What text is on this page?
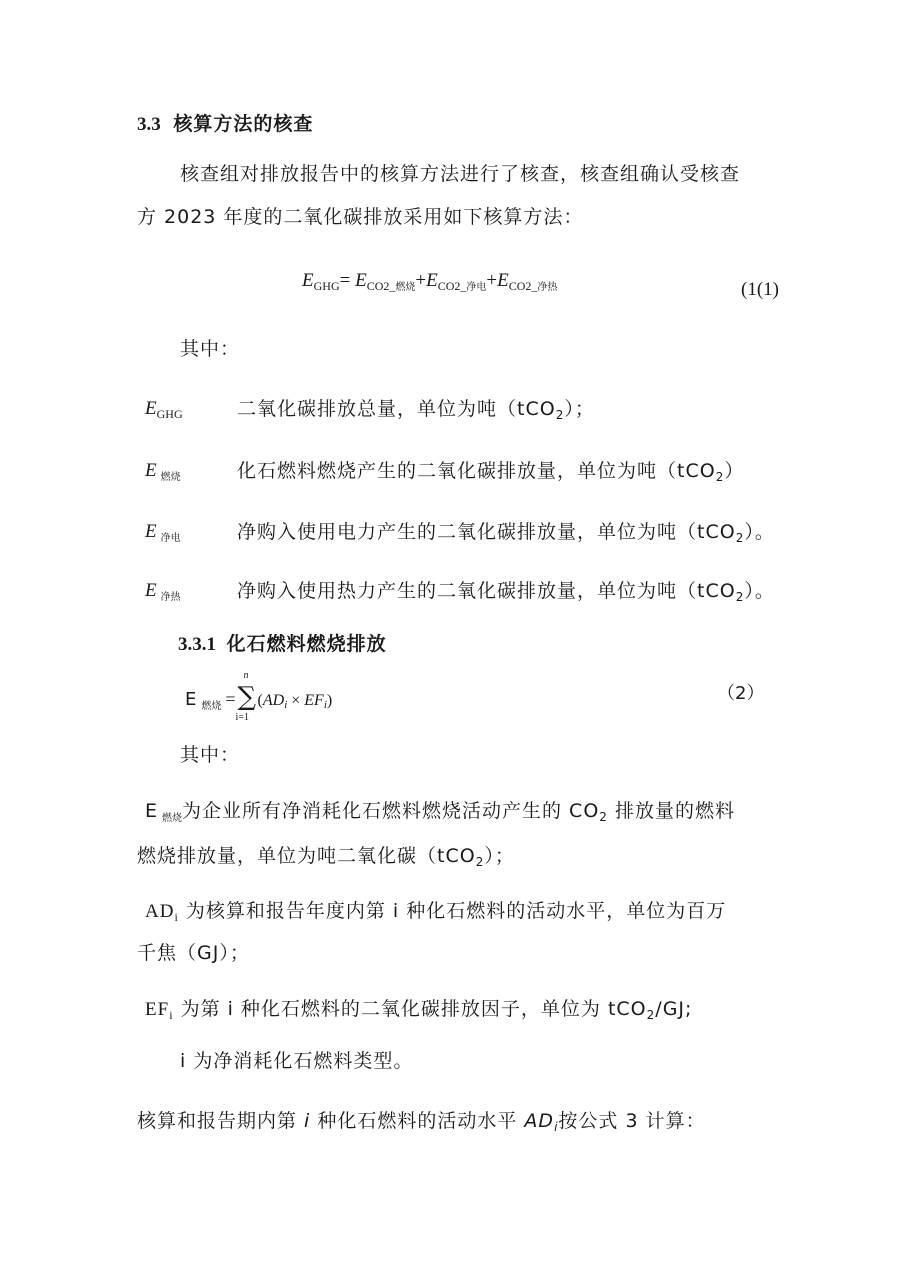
3.3 核算方法的核查
核查组对排放报告中的核算方法进行了核查，核查组确认受核查
方 2023 年度的二氧化碳排放采用如下核算方法：
$E_{GHG}= E_{CO2\_燃烧}+E_{CO2\_净电}+E_{CO2\_净热}$	(1(1)
其中：
$E_{GHG}$	二氧化碳排放总量，单位为吨（tCO$_2$）；
E $_{燃烧}$	化石燃料燃烧产生的二氧化碳排放量，单位为吨（tCO$_2$）
E $_{净电}$	净购入使用电力产生的二氧化碳排放量，单位为吨（tCO$_2$）。
E $_{净热}$	净购入使用热力产生的二氧化碳排放量，单位为吨（tCO$_2$）。
3.3.1 化石燃料燃烧排放
E $_{燃烧}$ =
n
∑
i=1
(ADi × EFi)	（2）
其中：
E $_{燃烧}$为企业所有净消耗化石燃料燃烧活动产生的 $CO_2$ 排放量的燃料
燃烧排放量，单位为吨二氧化碳（tCO$_2$）；
$AD_i$ 为核算和报告年度内第 i 种化石燃料的活动水平，单位为百万
千焦（GJ）；
$EF_i$ 为第 i 种化石燃料的二氧化碳排放因子，单位为 tCO$_2$/GJ;
i 为净消耗化石燃料类型。
核算和报告期内第 i 种化石燃料的活动水平 $AD_i$按公式 3 计算：
